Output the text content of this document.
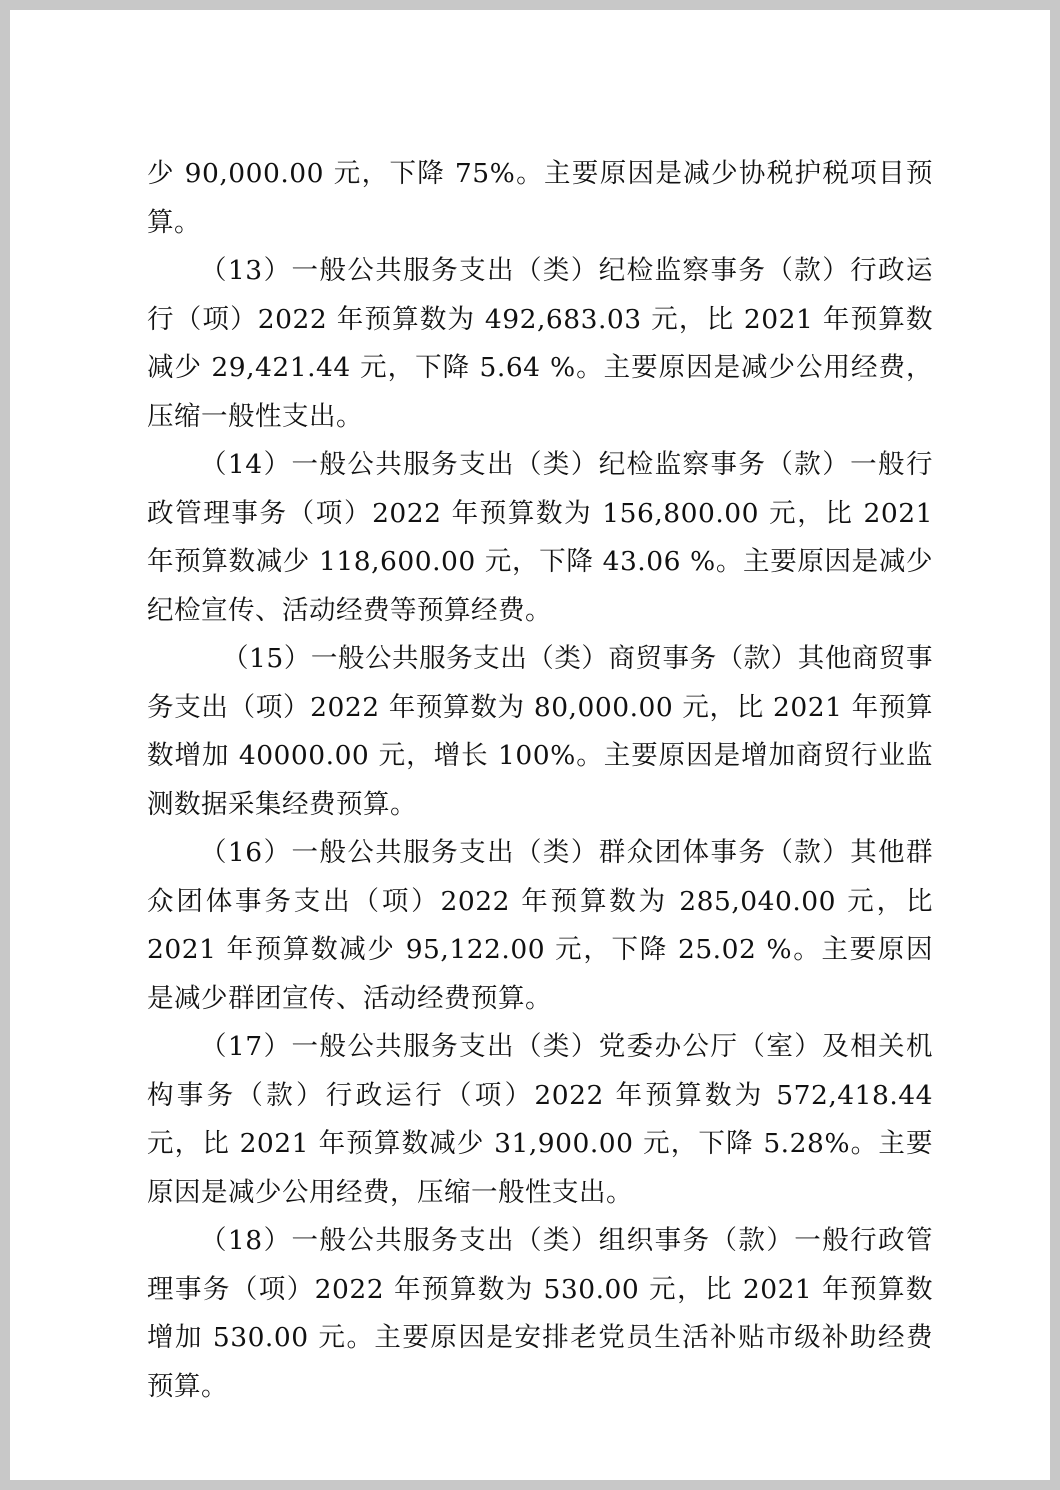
少 90,000.00 元，下降 75%。主要原因是减少协税护税项目预算。

（13）一般公共服务支出（类）纪检监察事务（款）行政运行（项）2022 年预算数为 492,683.03 元，比 2021 年预算数减少 29,421.44 元，下降 5.64 %。主要原因是减少公用经费，压缩一般性支出。

（14）一般公共服务支出（类）纪检监察事务（款）一般行政管理事务（项）2022 年预算数为 156,800.00 元，比 2021 年预算数减少 118,600.00 元，下降 43.06 %。主要原因是减少纪检宣传、活动经费等预算经费。

（15）一般公共服务支出（类）商贸事务（款）其他商贸事务支出（项）2022 年预算数为 80,000.00 元，比 2021 年预算数增加 40000.00 元，增长 100%。主要原因是增加商贸行业监测数据采集经费预算。

（16）一般公共服务支出（类）群众团体事务（款）其他群众团体事务支出（项）2022 年预算数为 285,040.00 元，比 2021 年预算数减少 95,122.00 元，下降 25.02 %。主要原因是减少群团宣传、活动经费预算。

（17）一般公共服务支出（类）党委办公厅（室）及相关机构事务（款）行政运行（项）2022 年预算数为 572,418.44 元，比 2021 年预算数减少 31,900.00 元，下降 5.28%。主要原因是减少公用经费，压缩一般性支出。

（18）一般公共服务支出（类）组织事务（款）一般行政管理事务（项）2022 年预算数为 530.00 元，比 2021 年预算数增加 530.00 元。主要原因是安排老党员生活补贴市级补助经费预算。
